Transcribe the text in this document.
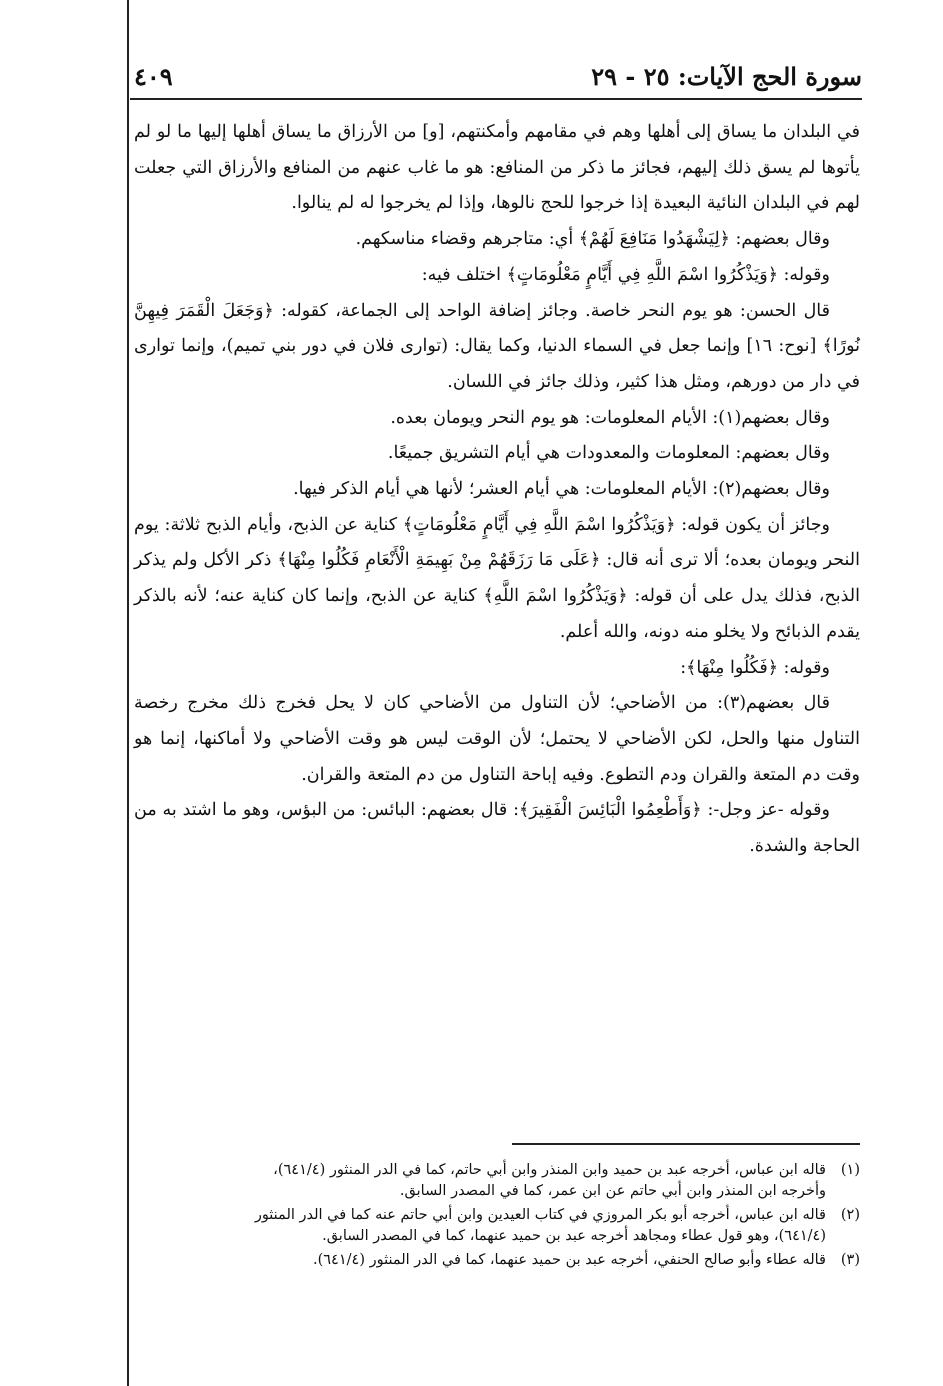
سورة الحج الآيات: ٢٥ - ٢٩
٤٠٩

في البلدان ما يساق إلى أهلها وهم في مقامهم وأمكنتهم، [و] من الأرزاق ما يساق أهلها إليها ما لو لم يأتوها لم يسق ذلك إليهم، فجائز ما ذكر من المنافع: هو ما غاب عنهم من المنافع والأرزاق التي جعلت لهم في البلدان النائية البعيدة إذا خرجوا للحج نالوها، وإذا لم يخرجوا له لم ينالوا.

وقال بعضهم: ﴿لِيَشْهَدُوا مَنَافِعَ لَهُمْ﴾ أي: متاجرهم وقضاء مناسكهم.

وقوله: ﴿وَيَذْكُرُوا اسْمَ اللَّهِ فِي أَيَّامٍ مَعْلُومَاتٍ﴾ اختلف فيه:

قال الحسن: هو يوم النحر خاصة. وجائز إضافة الواحد إلى الجماعة، كقوله: ﴿وَجَعَلَ الْقَمَرَ فِيهِنَّ نُورًا﴾ [نوح: ١٦] وإنما جعل في السماء الدنيا، وكما يقال: (توارى فلان في دور بني تميم)، وإنما توارى في دار من دورهم، ومثل هذا كثير، وذلك جائز في اللسان.

وقال بعضهم(١): الأيام المعلومات: هو يوم النحر ويومان بعده.

وقال بعضهم: المعلومات والمعدودات هي أيام التشريق جميعًا.

وقال بعضهم(٢): الأيام المعلومات: هي أيام العشر؛ لأنها هي أيام الذكر فيها.

وجائز أن يكون قوله: ﴿وَيَذْكُرُوا اسْمَ اللَّهِ فِي أَيَّامٍ مَعْلُومَاتٍ﴾ كناية عن الذبح، وأيام الذبح ثلاثة: يوم النحر ويومان بعده؛ ألا ترى أنه قال: ﴿عَلَى مَا رَزَقَهُمْ مِنْ بَهِيمَةِ الْأَنْعَامِ فَكُلُوا مِنْهَا﴾ ذكر الأكل ولم يذكر الذبح، فذلك يدل على أن قوله: ﴿وَيَذْكُرُوا اسْمَ اللَّهِ﴾ كناية عن الذبح، وإنما كان كناية عنه؛ لأنه بالذكر يقدم الذبائح ولا يخلو منه دونه، والله أعلم.

وقوله: ﴿فَكُلُوا مِنْهَا﴾:

قال بعضهم(٣): من الأضاحي؛ لأن التناول من الأضاحي كان لا يحل فخرج ذلك مخرج رخصة التناول منها والحل، لكن الأضاحي لا يحتمل؛ لأن الوقت ليس هو وقت الأضاحي ولا أماكنها، إنما هو وقت دم المتعة والقران ودم التطوع. وفيه إباحة التناول من دم المتعة والقران.

وقوله -عز وجل-: ﴿وَأَطْعِمُوا الْبَائِسَ الْفَقِيرَ﴾: قال بعضهم: البائس: من البؤس، وهو ما اشتد به من الحاجة والشدة.

(١)
قاله ابن عباس، أخرجه عبد بن حميد وابن المنذر وابن أبي حاتم، كما في الدر المنثور (٦٤١/٤)،
وأخرجه ابن المنذر وابن أبي حاتم عن ابن عمر، كما في المصدر السابق.
(٢)
قاله ابن عباس، أخرجه أبو بكر المروزي في كتاب العيدين وابن أبي حاتم عنه كما في الدر المنثور
(٦٤١/٤)، وهو قول عطاء ومجاهد أخرجه عبد بن حميد عنهما، كما في المصدر السابق.
(٣)
قاله عطاء وأبو صالح الحنفي، أخرجه عبد بن حميد عنهما، كما في الدر المنثور (٦٤١/٤).
